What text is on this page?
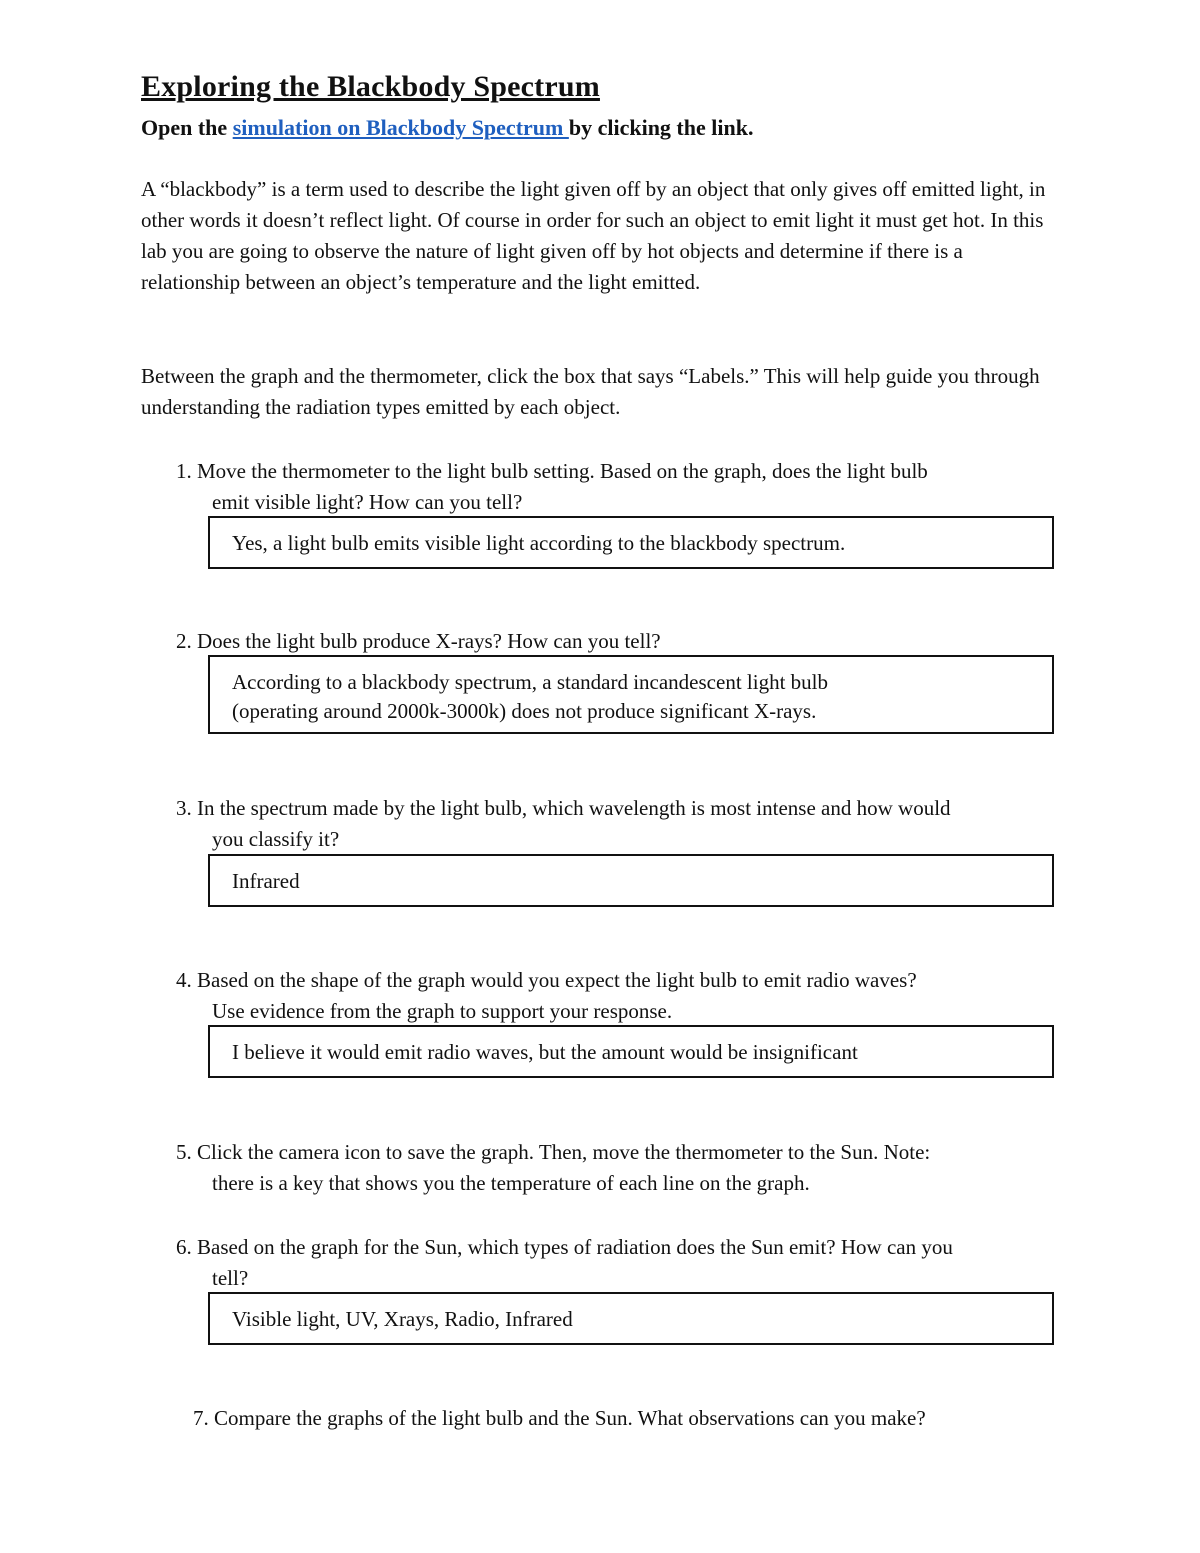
Exploring the Blackbody Spectrum
Open the simulation on Blackbody Spectrum by clicking the link.

A “blackbody” is a term used to describe the light given off by an object that only gives off emitted light, in other words it doesn’t reflect light. Of course in order for such an object to emit light it must get hot. In this lab you are going to observe the nature of light given off by hot objects and determine if there is a relationship between an object’s temperature and the light emitted.

Between the graph and the thermometer, click the box that says “Labels.” This will help guide you through understanding the radiation types emitted by each object.

1. Move the thermometer to the light bulb setting. Based on the graph, does the light bulb
emit visible light? How can you tell?
Yes, a light bulb emits visible light according to the blackbody spectrum.
2. Does the light bulb produce X-rays? How can you tell?
According to a blackbody spectrum, a standard incandescent light bulb
(operating around 2000k-3000k) does not produce significant X-rays.
3. In the spectrum made by the light bulb, which wavelength is most intense and how would
you classify it?
Infrared
4. Based on the shape of the graph would you expect the light bulb to emit radio waves?
Use evidence from the graph to support your response.
I believe it would emit radio waves, but the amount would be insignificant
5. Click the camera icon to save the graph. Then, move the thermometer to the Sun. Note:
there is a key that shows you the temperature of each line on the graph.
6. Based on the graph for the Sun, which types of radiation does the Sun emit? How can you
tell?
Visible light, UV, Xrays, Radio, Infrared
7. Compare the graphs of the light bulb and the Sun. What observations can you make?
